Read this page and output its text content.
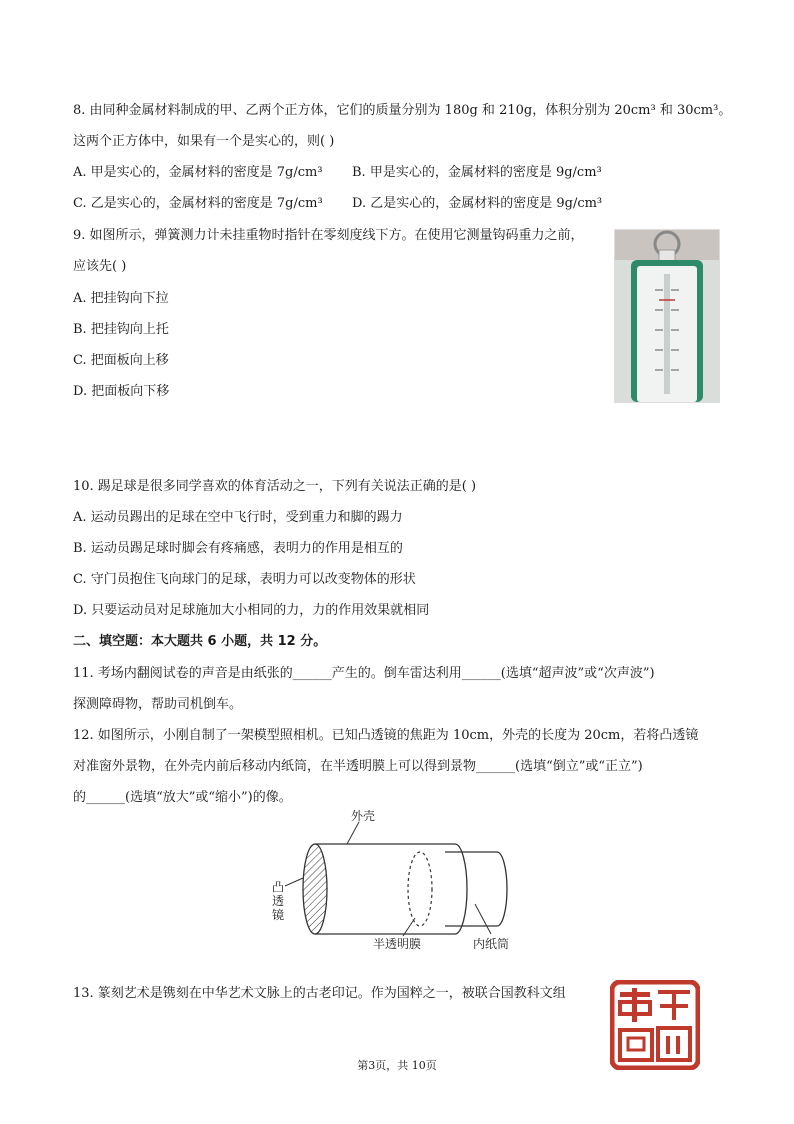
8. 由同种金属材料制成的甲、乙两个正方体，它们的质量分别为 180g 和 210g，体积分别为 20cm³ 和 30cm³。
这两个正方体中，如果有一个是实心的，则( )
A. 甲是实心的，金属材料的密度是 7g/cm³ B. 甲是实心的，金属材料的密度是 9g/cm³
C. 乙是实心的，金属材料的密度是 7g/cm³ D. 乙是实心的，金属材料的密度是 9g/cm³
9. 如图所示，弹簧测力计未挂重物时指针在零刻度线下方。在使用它测量钩码重力之前，
应该先( )
A. 把挂钩向下拉
B. 把挂钩向上托
C. 把面板向上移
D. 把面板向下移
10. 踢足球是很多同学喜欢的体育活动之一，下列有关说法正确的是( )
A. 运动员踢出的足球在空中飞行时，受到重力和脚的踢力
B. 运动员踢足球时脚会有疼痛感，表明力的作用是相互的
C. 守门员抱住飞向球门的足球，表明力可以改变物体的形状
D. 只要运动员对足球施加大小相同的力，力的作用效果就相同
二、填空题：本大题共 6 小题，共 12 分。
11. 考场内翻阅试卷的声音是由纸张的______产生的。倒车雷达利用______(选填“超声波”或“次声波”)
探测障碍物，帮助司机倒车。
12. 如图所示，小刚自制了一架模型照相机。已知凸透镜的焦距为 10cm，外壳的长度为 20cm，若将凸透镜
对准窗外景物，在外壳内前后移动内纸筒，在半透明膜上可以得到景物______(选填“倒立”或“正立”)
的______(选填“放大”或“缩小”)的像。
外壳
半透明膜	内纸筒
凸透镜
13. 篆刻艺术是镌刻在中华艺术文脉上的古老印记。作为国粹之一，被联合国教科文组
第3页，共 10页
